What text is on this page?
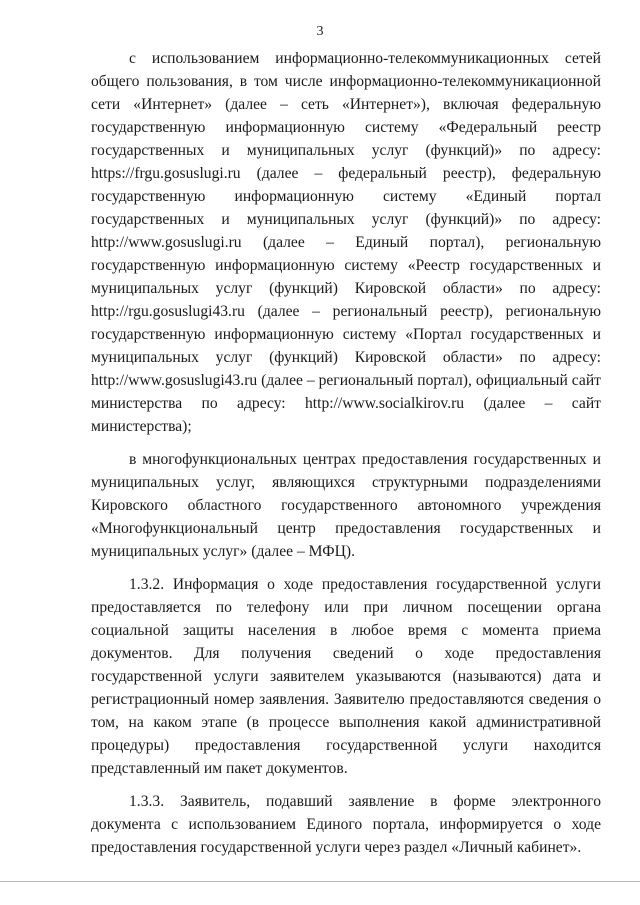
3

с использованием информационно-телекоммуникационных сетей общего пользования, в том числе информационно-телекоммуникационной сети «Интернет» (далее – сеть «Интернет»), включая федеральную государственную информационную систему «Федеральный реестр государственных и муниципальных услуг (функций)» по адресу: https://frgu.gosuslugi.ru (далее – федеральный реестр), федеральную государственную информационную систему «Единый портал государственных и муниципальных услуг (функций)» по адресу: http://www.gosuslugi.ru (далее – Единый портал), региональную государственную информационную систему «Реестр государственных и муниципальных услуг (функций) Кировской области» по адресу: http://rgu.gosuslugi43.ru (далее – региональный реестр), региональную государственную информационную систему «Портал государственных и муниципальных услуг (функций) Кировской области» по адресу: http://www.gosuslugi43.ru (далее – региональный портал), официальный сайт министерства по адресу: http://www.socialkirov.ru (далее – сайт министерства);

в многофункциональных центрах предоставления государственных и муниципальных услуг, являющихся структурными подразделениями Кировского областного государственного автономного учреждения «Многофункциональный центр предоставления государственных и муниципальных услуг» (далее – МФЦ).

1.3.2. Информация о ходе предоставления государственной услуги предоставляется по телефону или при личном посещении органа социальной защиты населения в любое время с момента приема документов. Для получения сведений о ходе предоставления государственной услуги заявителем указываются (называются) дата и регистрационный номер заявления. Заявителю предоставляются сведения о том, на каком этапе (в процессе выполнения какой административной процедуры) предоставления государственной услуги находится представленный им пакет документов.

1.3.3. Заявитель, подавший заявление в форме электронного документа с использованием Единого портала, информируется о ходе предоставления государственной услуги через раздел «Личный кабинет».
